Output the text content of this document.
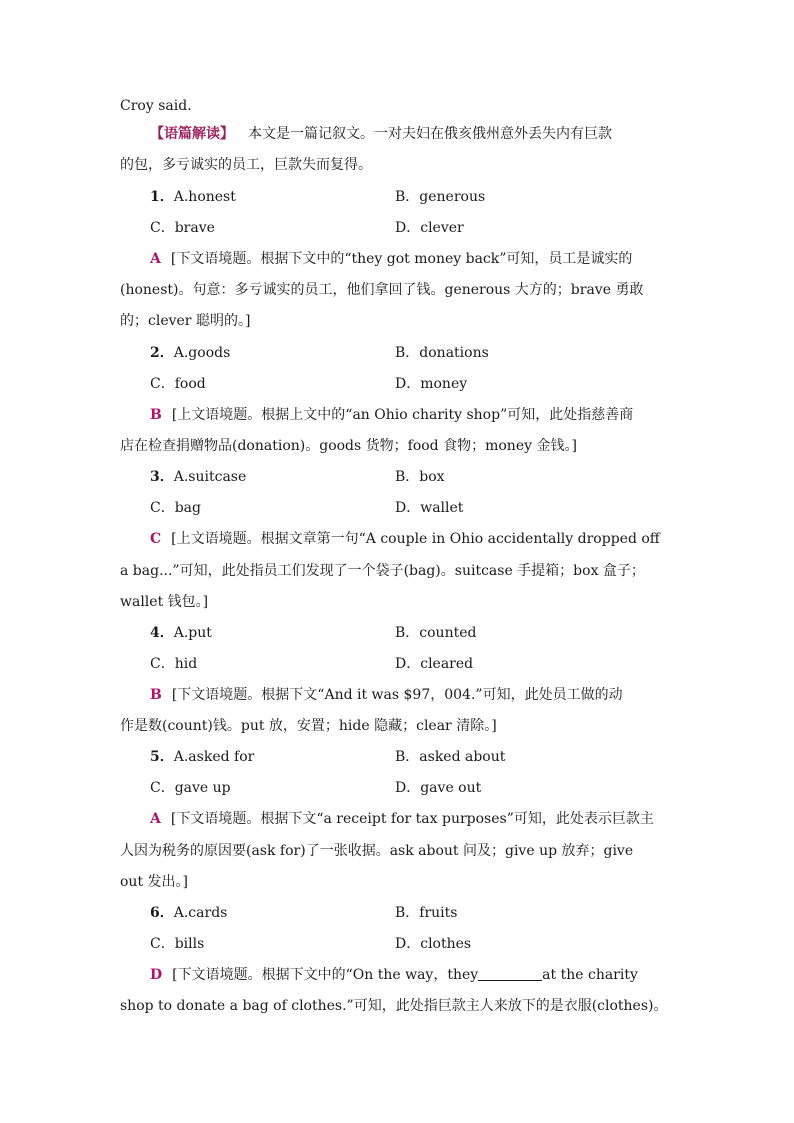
Croy said.
【语篇解读】 本文是一篇记叙文。一对夫妇在俄亥俄州意外丢失内有巨款
的包，多亏诚实的员工，巨款失而复得。
1．A.honest	B．generous
C．brave	D．clever
A [下文语境题。根据下文中的“they got money back”可知，员工是诚实的
(honest)。句意：多亏诚实的员工，他们拿回了钱。generous 大方的；brave 勇敢
的；clever 聪明的。]
2．A.goods	B．donations
C．food	D．money
B [上文语境题。根据上文中的“an Ohio charity shop”可知，此处指慈善商
店在检查捐赠物品(donation)。goods 货物；food 食物；money 金钱。]
3．A.suitcase	B．box
C．bag	D．wallet
C [上文语境题。根据文章第一句“A couple in Ohio accidentally dropped off
a bag...”可知，此处指员工们发现了一个袋子(bag)。suitcase 手提箱；box 盒子；
wallet 钱包。]
4．A.put	B．counted
C．hid	D．cleared
B [下文语境题。根据下文“And it was $97，004.”可知，此处员工做的动
作是数(count)钱。put 放，安置；hide 隐藏；clear 清除。]
5．A.asked for	B．asked about
C．gave up	D．gave out
A [下文语境题。根据下文“a receipt for tax purposes”可知，此处表示巨款主
人因为税务的原因要(ask for)了一张收据。ask about 问及；give up 放弃；give
out 发出。]
6．A.cards	B．fruits
C．bills	D．clothes
D [下文语境题。根据下文中的“On the way，they	at the charity
shop to donate a bag of clothes.”可知，此处指巨款主人来放下的是衣服(clothes)。
